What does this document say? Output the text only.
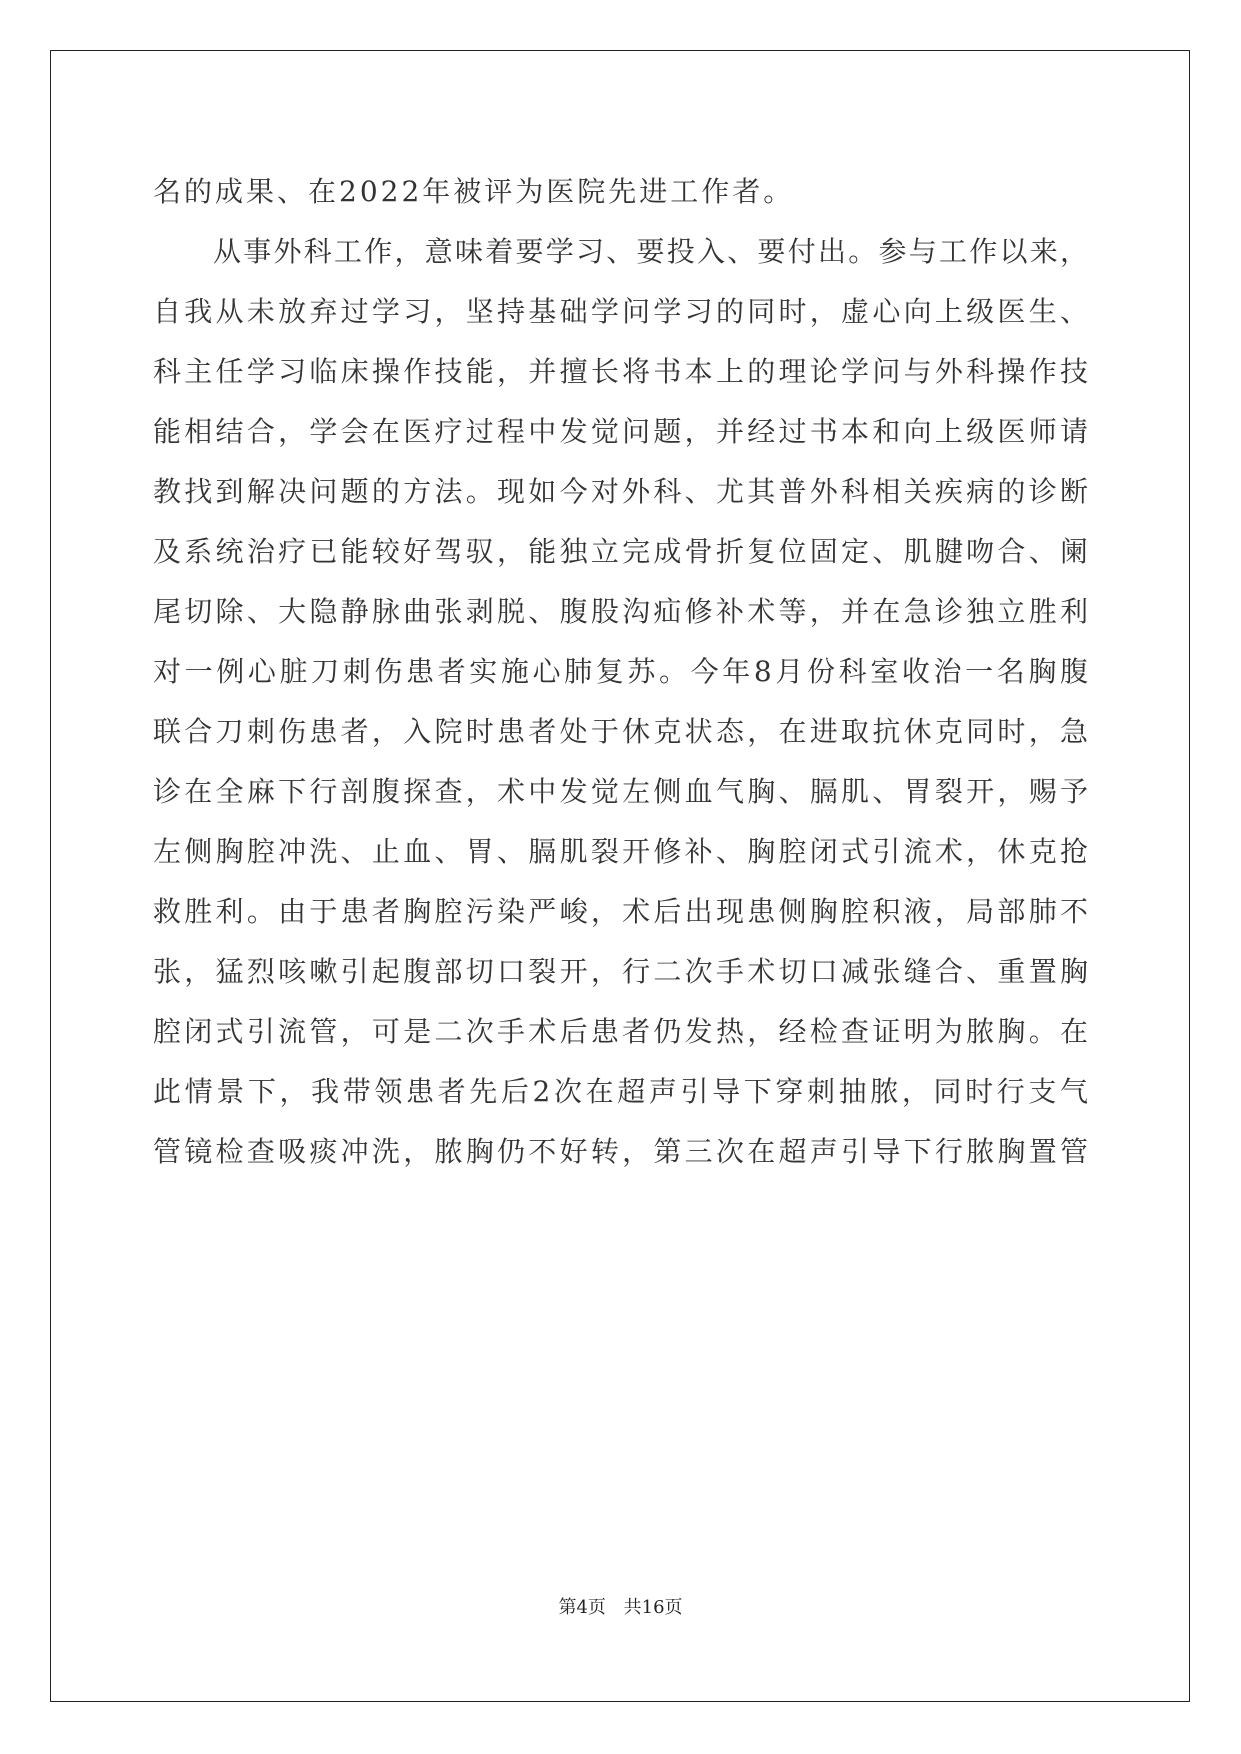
名的成果、在2022年被评为医院先进工作者。
从事外科工作，意味着要学习、要投入、要付出。参与工作以来，
自我从未放弃过学习，坚持基础学问学习的同时，虚心向上级医生、
科主任学习临床操作技能，并擅长将书本上的理论学问与外科操作技
能相结合，学会在医疗过程中发觉问题，并经过书本和向上级医师请
教找到解决问题的方法。现如今对外科、尤其普外科相关疾病的诊断
及系统治疗已能较好驾驭，能独立完成骨折复位固定、肌腱吻合、阑
尾切除、大隐静脉曲张剥脱、腹股沟疝修补术等，并在急诊独立胜利
对一例心脏刀刺伤患者实施心肺复苏。今年8月份科室收治一名胸腹
联合刀刺伤患者，入院时患者处于休克状态，在进取抗休克同时，急
诊在全麻下行剖腹探查，术中发觉左侧血气胸、膈肌、胃裂开，赐予
左侧胸腔冲洗、止血、胃、膈肌裂开修补、胸腔闭式引流术，休克抢
救胜利。由于患者胸腔污染严峻，术后出现患侧胸腔积液，局部肺不
张，猛烈咳嗽引起腹部切口裂开，行二次手术切口减张缝合、重置胸
腔闭式引流管，可是二次手术后患者仍发热，经检查证明为脓胸。在
此情景下，我带领患者先后2次在超声引导下穿刺抽脓，同时行支气
管镜检查吸痰冲洗，脓胸仍不好转，第三次在超声引导下行脓胸置管
第4页 共16页
